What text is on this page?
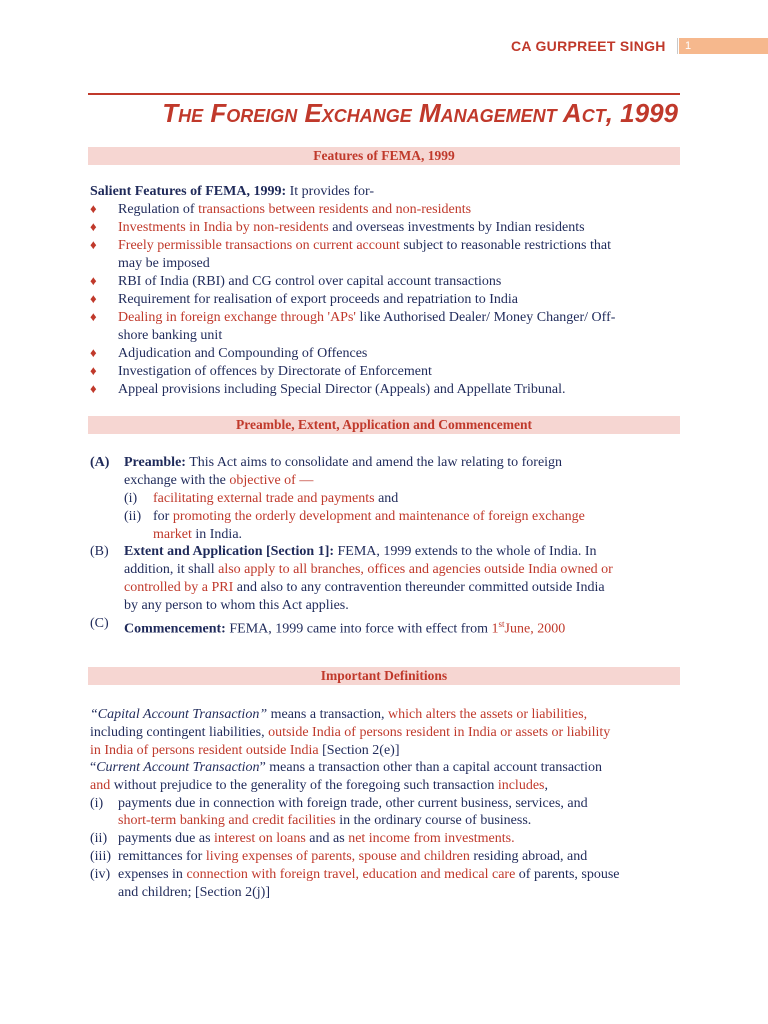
CA GURPREET SINGH	1
The Foreign Exchange Management Act, 1999
Features of FEMA, 1999
Salient Features of FEMA, 1999: It provides for-
♦ Regulation of transactions between residents and non-residents
♦ Investments in India by non-residents and overseas investments by Indian residents
♦ Freely permissible transactions on current account subject to reasonable restrictions that
may be imposed
♦ RBI of India (RBI) and CG control over capital account transactions
♦ Requirement for realisation of export proceeds and repatriation to India
♦ Dealing in foreign exchange through 'APs' like Authorised Dealer/ Money Changer/ Off-
shore banking unit
♦ Adjudication and Compounding of Offences
♦ Investigation of offences by Directorate of Enforcement
♦ Appeal provisions including Special Director (Appeals) and Appellate Tribunal.
Preamble, Extent, Application and Commencement
(A) Preamble: This Act aims to consolidate and amend the law relating to foreign
exchange with the objective of —
(i) facilitating external trade and payments and
(ii) for promoting the orderly development and maintenance of foreign exchange
market in India.
(B) Extent and Application [Section 1]: FEMA, 1999 extends to the whole of India. In
addition, it shall also apply to all branches, offices and agencies outside India owned or
controlled by a PRI and also to any contravention thereunder committed outside India
by any person to whom this Act applies.
(C) Commencement: FEMA, 1999 came into force with effect from 1stJune, 2000
Important Definitions
“Capital Account Transaction” means a transaction, which alters the assets or liabilities,
including contingent liabilities, outside India of persons resident in India or assets or liability
in India of persons resident outside India [Section 2(e)]
“Current Account Transaction” means a transaction other than a capital account transaction
and without prejudice to the generality of the foregoing such transaction includes,
(i) payments due in connection with foreign trade, other current business, services, and
short-term banking and credit facilities in the ordinary course of business.
(ii) payments due as interest on loans and as net income from investments.
(iii) remittances for living expenses of parents, spouse and children residing abroad, and
(iv) expenses in connection with foreign travel, education and medical care of parents, spouse
and children; [Section 2(j)]
